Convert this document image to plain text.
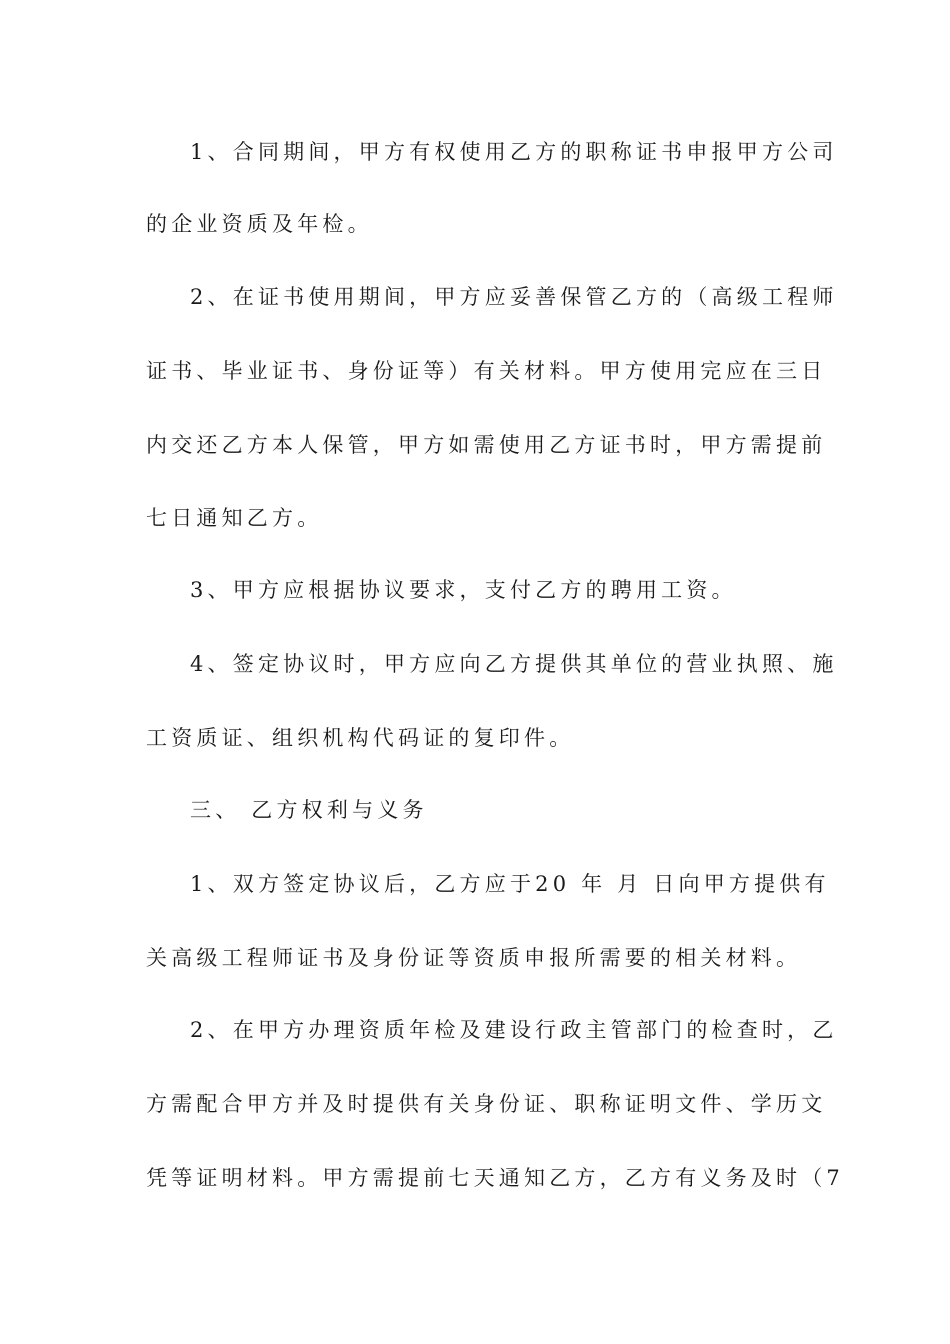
1、合同期间，甲方有权使用乙方的职称证书申报甲方公司
的企业资质及年检。
2、在证书使用期间，甲方应妥善保管乙方的（高级工程师
证书、毕业证书、身份证等）有关材料。甲方使用完应在三日
内交还乙方本人保管，甲方如需使用乙方证书时，甲方需提前
七日通知乙方。
3、甲方应根据协议要求，支付乙方的聘用工资。
4、签定协议时，甲方应向乙方提供其单位的营业执照、施
工资质证、组织机构代码证的复印件。
三、 乙方权利与义务
1、双方签定协议后，乙方应于20 年 月 日向甲方提供有
关高级工程师证书及身份证等资质申报所需要的相关材料。
2、在甲方办理资质年检及建设行政主管部门的检查时，乙
方需配合甲方并及时提供有关身份证、职称证明文件、学历文
凭等证明材料。甲方需提前七天通知乙方，乙方有义务及时（7
